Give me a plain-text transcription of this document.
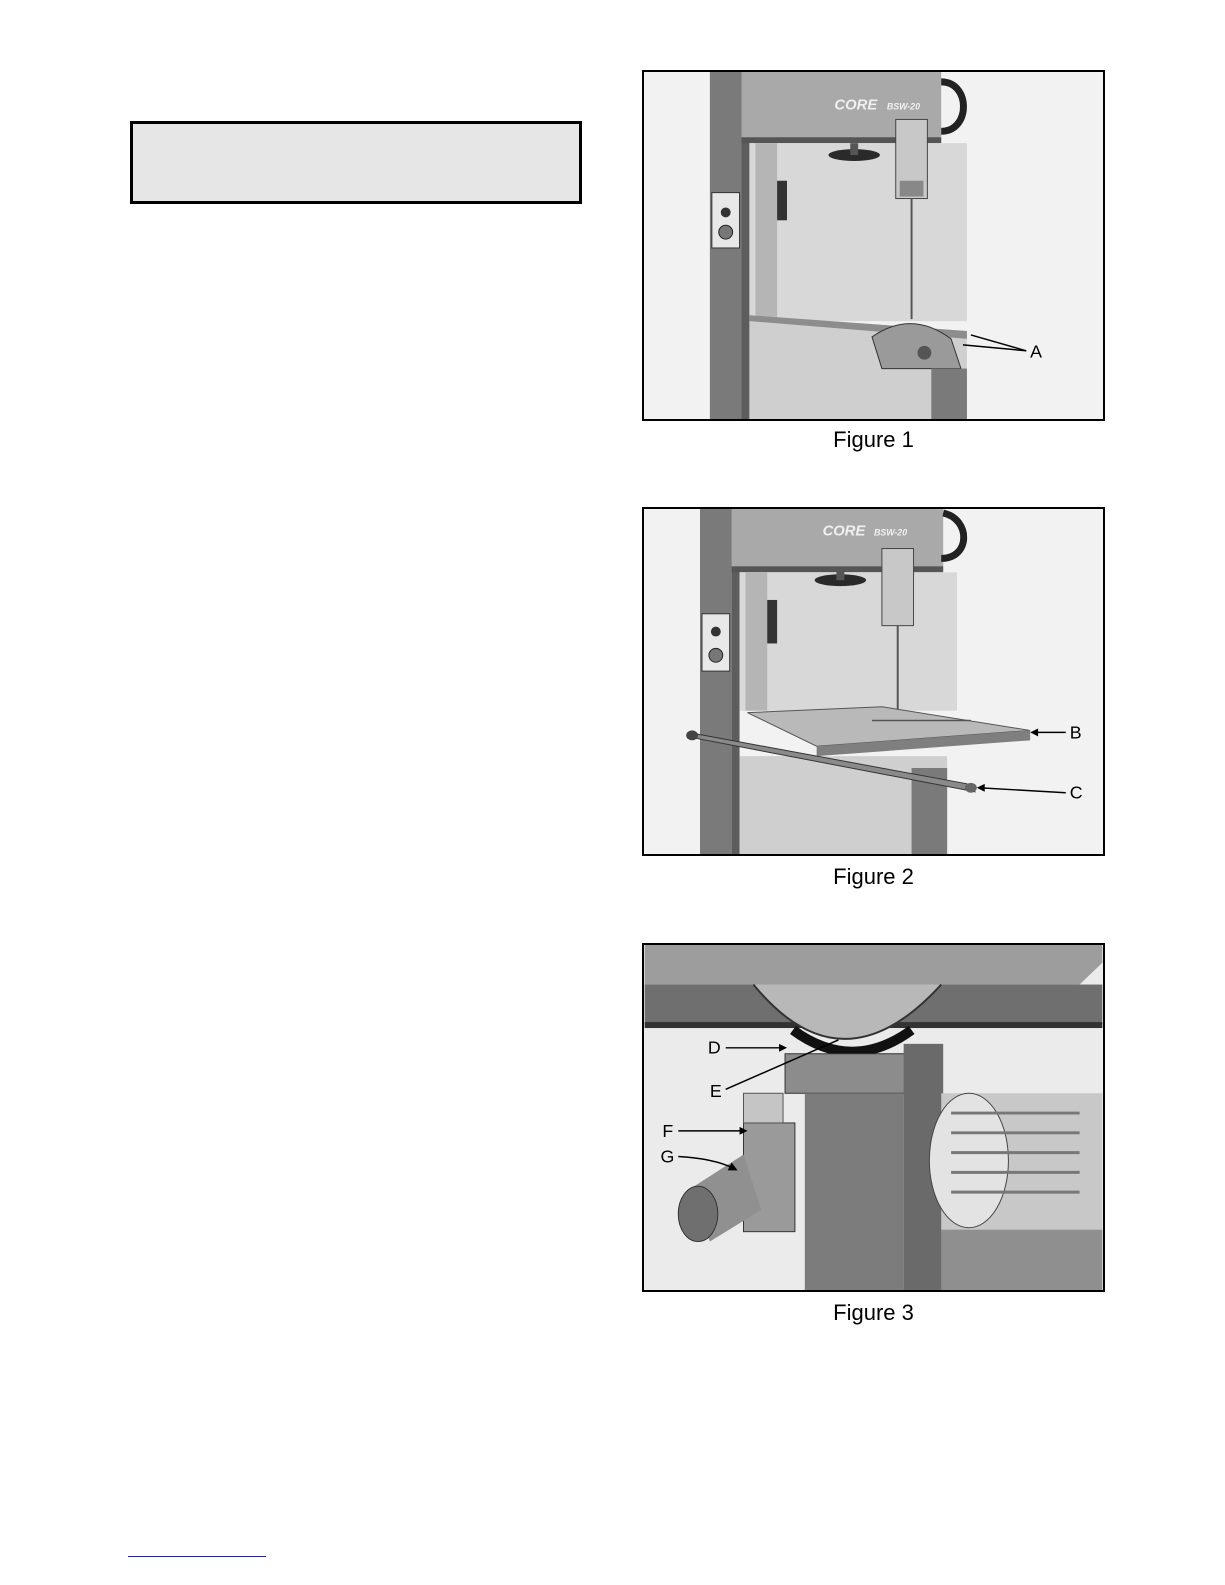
CORE BSW-20
A
Figure 1
CORE BSW-20
B
C
Figure 2
D
E
F
G
Figure 3
